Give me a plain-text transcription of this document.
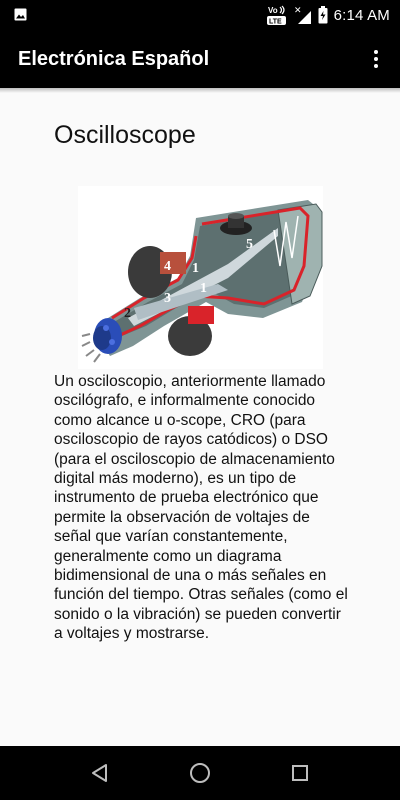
Vo
LTE
✕ 6:14 AM
Electrónica Español
Oscilloscope
1
2
3
4
5
1

Un osciloscopio, anteriormente llamado oscilógrafo, e informalmente conocido como alcance u o-scope, CRO (para osciloscopio de rayos catódicos) o DSO (para el osciloscopio de almacenamiento digital más moderno), es un tipo de instrumento de prueba electrónico que permite la observación de voltajes de señal que varían constantemente, generalmente como un diagrama bidimensional de una o más señales en función del tiempo. Otras señales (como el sonido o la vibración) se pueden convertir a voltajes y mostrarse.
